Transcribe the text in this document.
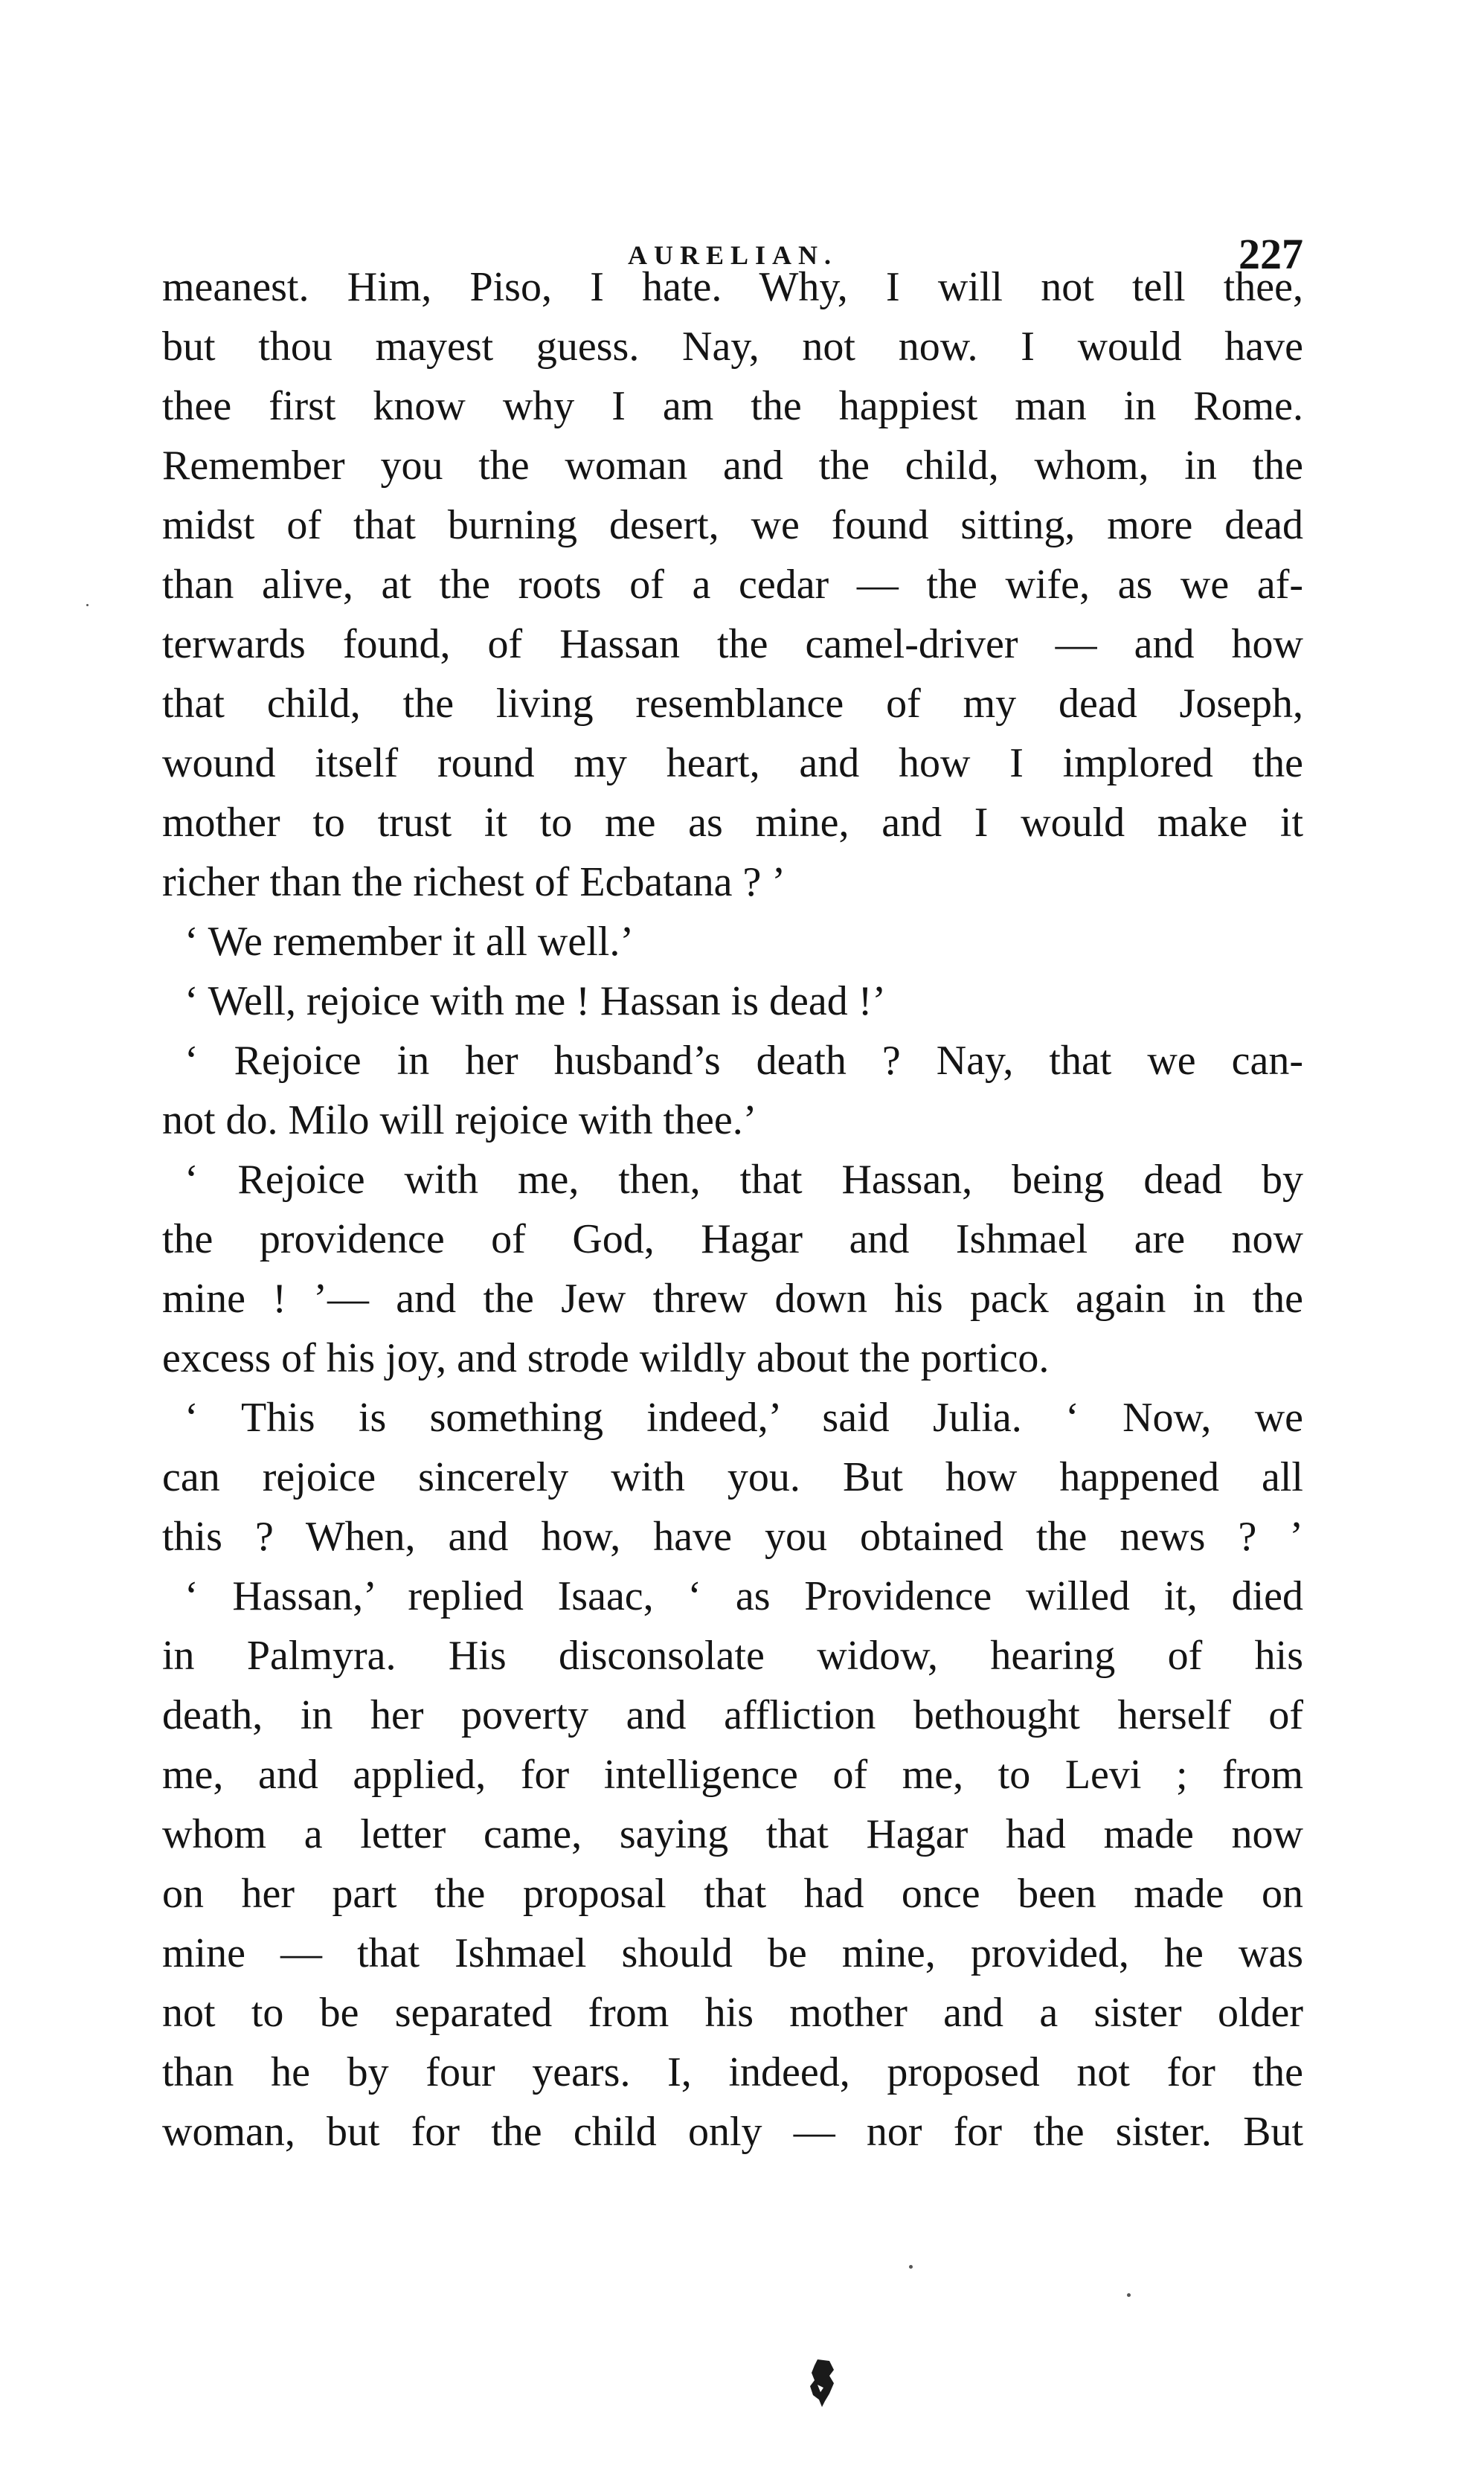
AURELIAN.	227
meanest. Him, Piso, I hate. Why, I will not tell thee,
but thou mayest guess. Nay, not now. I would have
thee first know why I am the happiest man in Rome.
Remember you the woman and the child, whom, in the
midst of that burning desert, we found sitting, more dead
than alive, at the roots of a cedar — the wife, as we af-
terwards found, of Hassan the camel-driver — and how
that child, the living resemblance of my dead Joseph,
wound itself round my heart, and how I implored the
mother to trust it to me as mine, and I would make it
richer than the richest of Ecbatana ? ’
‘ We remember it all well.’
‘ Well, rejoice with me ! Hassan is dead !’
‘ Rejoice in her husband’s death ? Nay, that we can-
not do. Milo will rejoice with thee.’
‘ Rejoice with me, then, that Hassan, being dead by
the providence of God, Hagar and Ishmael are now
mine ! ’— and the Jew threw down his pack again in the
excess of his joy, and strode wildly about the portico.
‘ This is something indeed,’ said Julia. ‘ Now, we
can rejoice sincerely with you. But how happened all
this ? When, and how, have you obtained the news ? ’
‘ Hassan,’ replied Isaac, ‘ as Providence willed it, died
in Palmyra. His disconsolate widow, hearing of his
death, in her poverty and affliction bethought herself of
me, and applied, for intelligence of me, to Levi ; from
whom a letter came, saying that Hagar had made now
on her part the proposal that had once been made on
mine — that Ishmael should be mine, provided, he was
not to be separated from his mother and a sister older
than he by four years. I, indeed, proposed not for the
woman, but for the child only — nor for the sister. But
